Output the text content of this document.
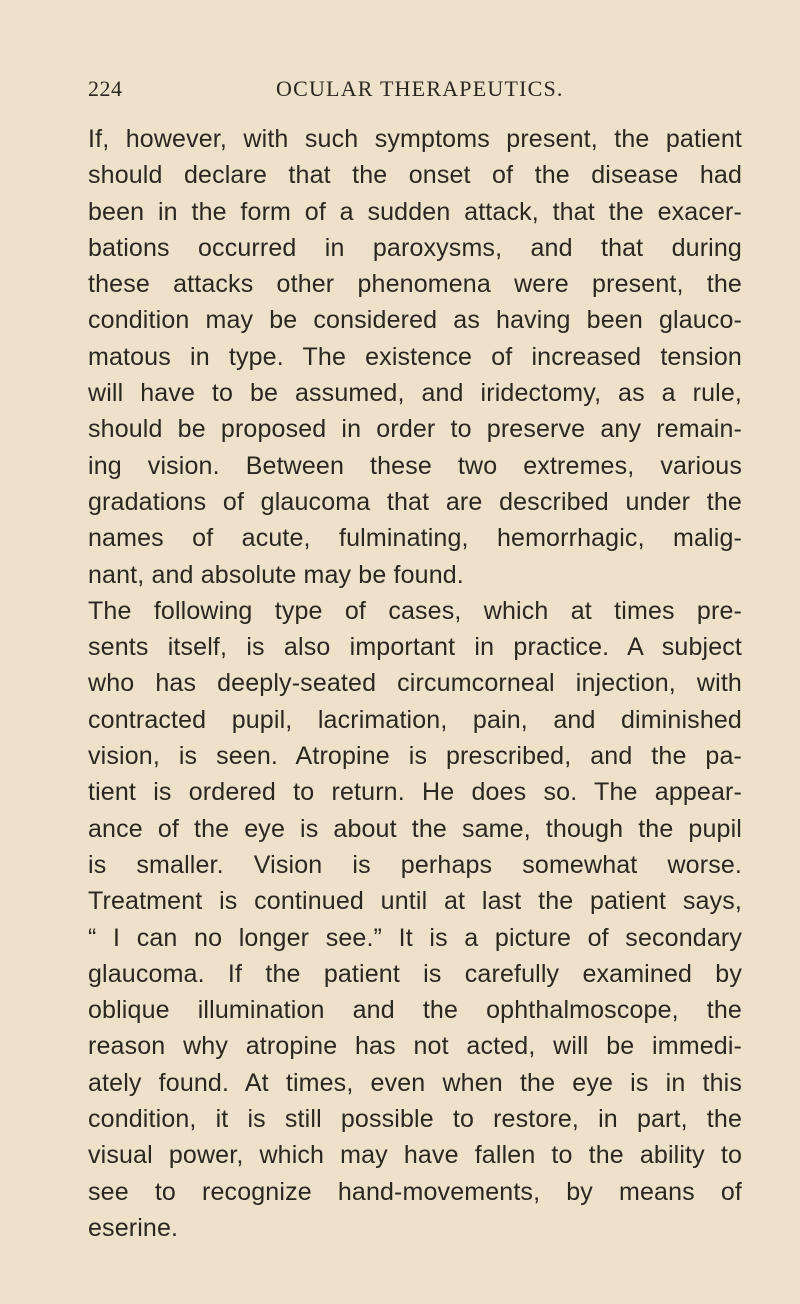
224	OCULAR THERAPEUTICS.
If, however, with such symptoms present, the patient
should declare that the onset of the disease had
been in the form of a sudden attack, that the exacer-
bations occurred in paroxysms, and that during
these attacks other phenomena were present, the
condition may be considered as having been glauco-
matous in type. The existence of increased tension
will have to be assumed, and iridectomy, as a rule,
should be proposed in order to preserve any remain-
ing vision. Between these two extremes, various
gradations of glaucoma that are described under the
names of acute, fulminating, hemorrhagic, malig-
nant, and absolute may be found.
The following type of cases, which at times pre-
sents itself, is also important in practice. A subject
who has deeply-seated circumcorneal injection, with
contracted pupil, lacrimation, pain, and diminished
vision, is seen. Atropine is prescribed, and the pa-
tient is ordered to return. He does so. The appear-
ance of the eye is about the same, though the pupil
is smaller. Vision is perhaps somewhat worse.
Treatment is continued until at last the patient says,
“ I can no longer see.” It is a picture of secondary
glaucoma. If the patient is carefully examined by
oblique illumination and the ophthalmoscope, the
reason why atropine has not acted, will be immedi-
ately found. At times, even when the eye is in this
condition, it is still possible to restore, in part, the
visual power, which may have fallen to the ability to
see to recognize hand-movements, by means of
eserine.
